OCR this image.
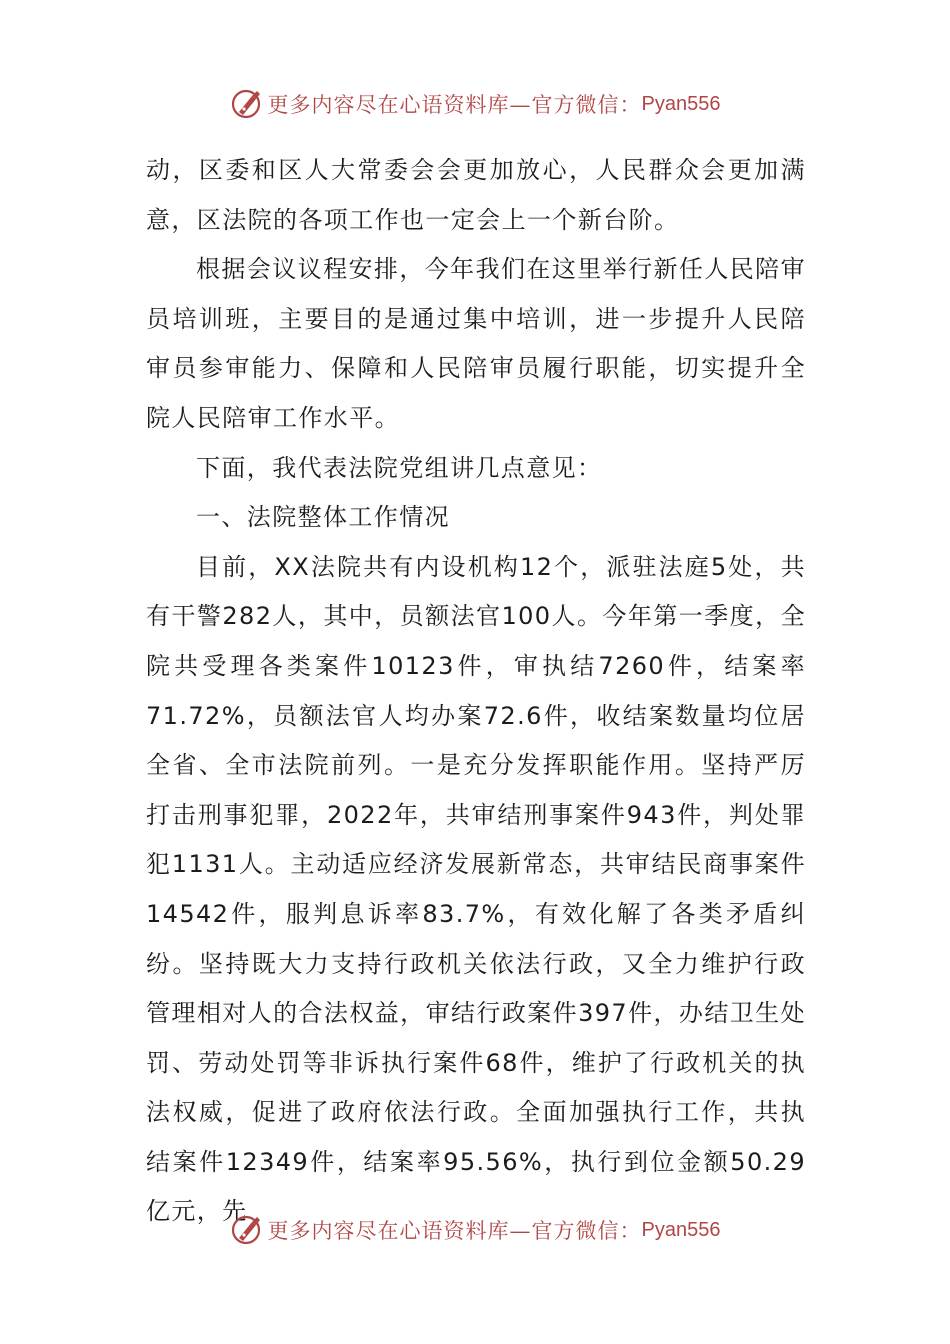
更多内容尽在心语资料库—官方微信： Pyan556

动，区委和区人大常委会会更加放心，人民群众会更加满意，区法院的各项工作也一定会上一个新台阶。

根据会议议程安排，今年我们在这里举行新任人民陪审员培训班，主要目的是通过集中培训，进一步提升人民陪审员参审能力、保障和人民陪审员履行职能，切实提升全院人民陪审工作水平。

下面，我代表法院党组讲几点意见：

一、法院整体工作情况

目前，XX法院共有内设机构12个，派驻法庭5处，共有干警282人，其中，员额法官100人。今年第一季度，全院共受理各类案件10123件，审执结7260件，结案率71.72%，员额法官人均办案72.6件，收结案数量均位居全省、全市法院前列。一是充分发挥职能作用。坚持严厉打击刑事犯罪，2022年，共审结刑事案件943件，判处罪犯1131人。主动适应经济发展新常态，共审结民商事案件14542件，服判息诉率83.7%，有效化解了各类矛盾纠纷。坚持既大力支持行政机关依法行政，又全力维护行政管理相对人的合法权益，审结行政案件397件，办结卫生处罚、劳动处罚等非诉执行案件68件，维护了行政机关的执法权威，促进了政府依法行政。全面加强执行工作，共执结案件12349件，结案率95.56%，执行到位金额50.29亿元，先

更多内容尽在心语资料库—官方微信： Pyan556
